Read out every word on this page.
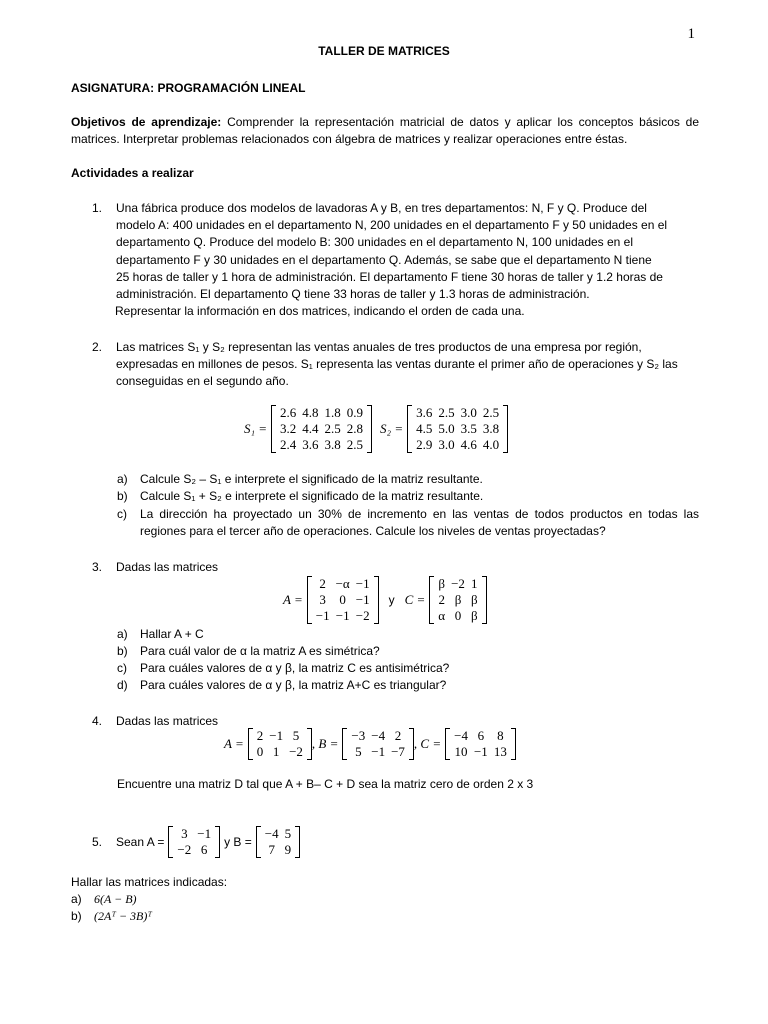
1
TALLER DE MATRICES
ASIGNATURA: PROGRAMACIÓN LINEAL
Objetivos de aprendizaje: Comprender la representación matricial de datos y aplicar los conceptos básicos de matrices. Interpretar problemas relacionados con álgebra de matrices y realizar operaciones entre éstas.
Actividades a realizar
1. Una fábrica produce dos modelos de lavadoras A y B, en tres departamentos: N, F y Q. Produce del
modelo A: 400 unidades en el departamento N, 200 unidades en el departamento F y 50 unidades en el
departamento Q. Produce del modelo B: 300 unidades en el departamento N, 100 unidades en el
departamento F y 30 unidades en el departamento Q. Además, se sabe que el departamento N tiene
25 horas de taller y 1 hora de administración. El departamento F tiene 30 horas de taller y 1.2 horas de
administración. El departamento Q tiene 33 horas de taller y 1.3 horas de administración.
Representar la información en dos matrices, indicando el orden de cada una.
2. Las matrices S₁ y S₂ representan las ventas anuales de tres productos de una empresa por región,
expresadas en millones de pesos. S₁ representa las ventas durante el primer año de operaciones y S₂ las
conseguidas en el segundo año.
S₁ =
2.6	4.8	1.8	0.9
3.2	4.4	2.5	2.8
2.4	3.6	3.8	2.5
S₂ =
3.6	2.5	3.0	2.5
4.5	5.0	3.5	3.8
2.9	3.0	4.6	4.0
a) Calcule S₂ – S₁ e interprete el significado de la matriz resultante.
b) Calcule S₁ + S₂ e interprete el significado de la matriz resultante.
c) La dirección ha proyectado un 30% de incremento en las ventas de todos productos en todas las regiones para el tercer año de operaciones. Calcule los niveles de ventas proyectadas?
3. Dadas las matrices
A =
2	−α	−1
3	0	−1
−1	−1	−2
y C =
β	−2	1
2	β	β
α	0	β
a) Hallar A + C
b) Para cuál valor de α la matriz A es simétrica?
c) Para cuáles valores de α y β, la matriz C es antisimétrica?
d) Para cuáles valores de α y β, la matriz A+C es triangular?
4. Dadas las matrices
A =
2	−1	5
0	1	−2
, B =
−3	−4	2
5	−1	−7
, C =
−4	6	8
10	−1	13
Encuentre una matriz D tal que A + B– C + D sea la matriz cero de orden 2 x 3
5.	Sean A =
3	−1
−2	6 y B =
−4	5
7	9
Hallar las matrices indicadas:
a) 6(A − B)
b) (2Aᵀ − 3B)ᵀ
